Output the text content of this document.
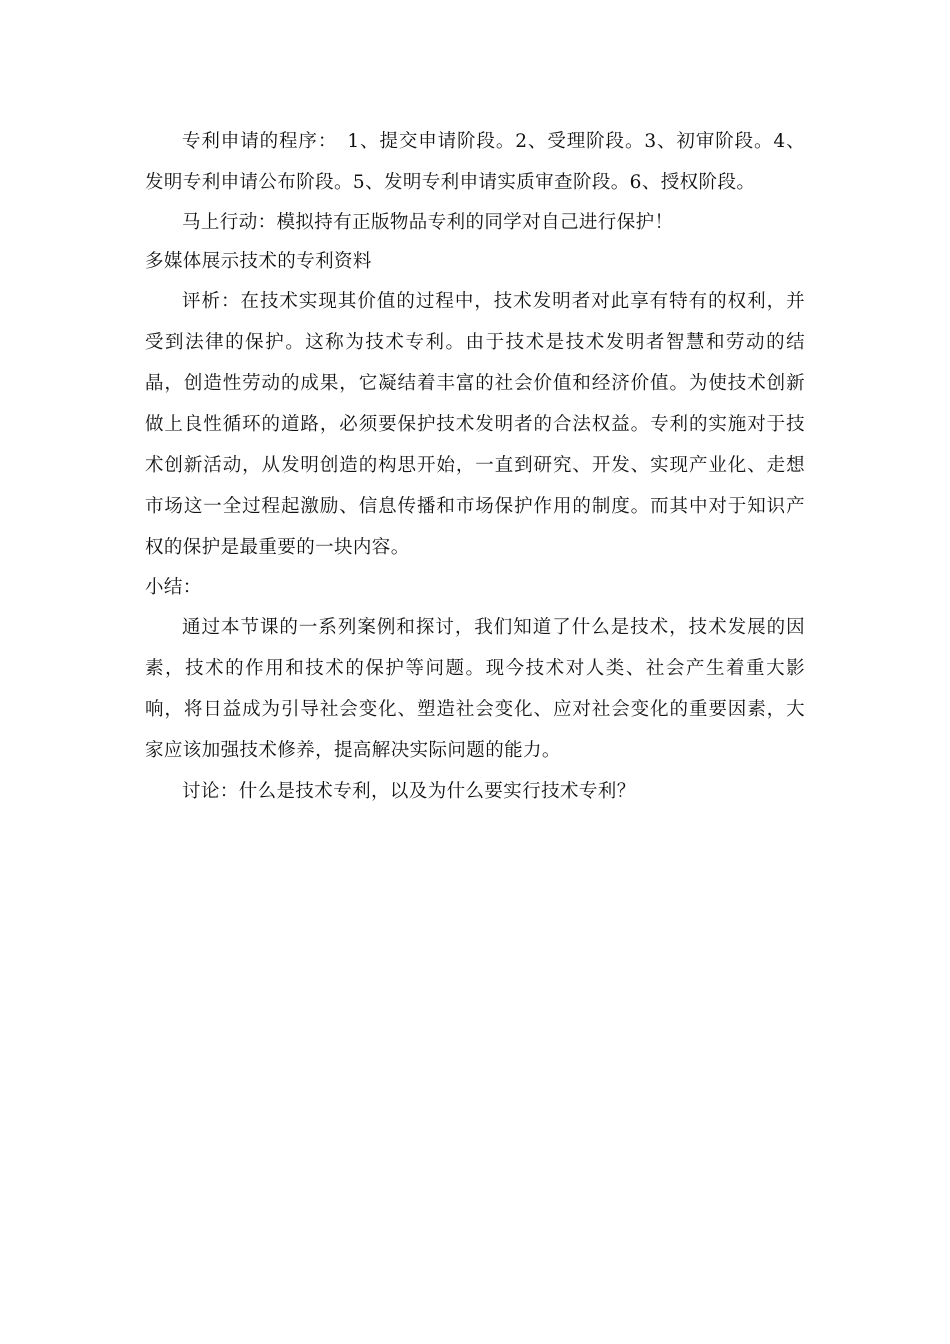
专利申请的程序：　1、提交申请阶段。2、受理阶段。3、初审阶段。4、发明专利申请公布阶段。5、发明专利申请实质审查阶段。6、授权阶段。

马上行动：模拟持有正版物品专利的同学对自己进行保护！

多媒体展示技术的专利资料

评析：在技术实现其价值的过程中，技术发明者对此享有特有的权利，并受到法律的保护。这称为技术专利。由于技术是技术发明者智慧和劳动的结晶，创造性劳动的成果，它凝结着丰富的社会价值和经济价值。为使技术创新做上良性循环的道路，必须要保护技术发明者的合法权益。专利的实施对于技术创新活动，从发明创造的构思开始，一直到研究、开发、实现产业化、走想市场这一全过程起激励、信息传播和市场保护作用的制度。而其中对于知识产权的保护是最重要的一块内容。

小结：

通过本节课的一系列案例和探讨，我们知道了什么是技术，技术发展的因素，技术的作用和技术的保护等问题。现今技术对人类、社会产生着重大影响，将日益成为引导社会变化、塑造社会变化、应对社会变化的重要因素，大家应该加强技术修养，提高解决实际问题的能力。

讨论：什么是技术专利，以及为什么要实行技术专利？
